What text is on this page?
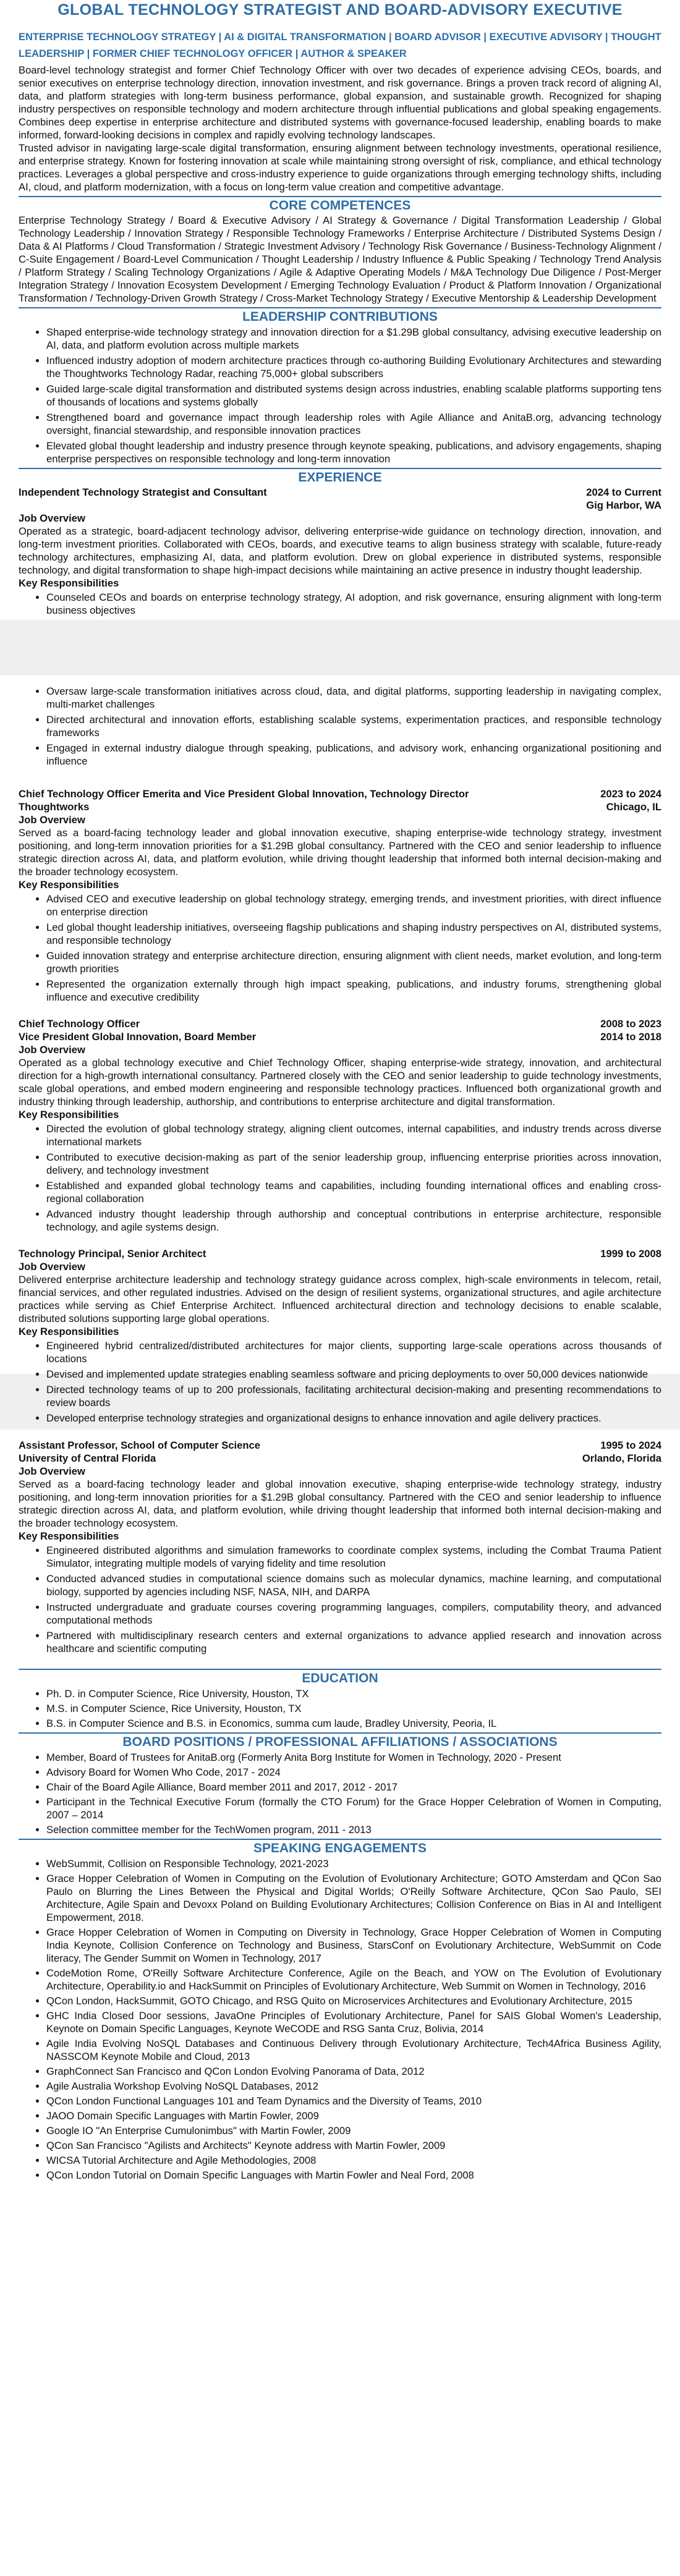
GLOBAL TECHNOLOGY STRATEGIST AND BOARD-ADVISORY EXECUTIVE
ENTERPRISE TECHNOLOGY STRATEGY | AI & DIGITAL TRANSFORMATION | BOARD ADVISOR | EXECUTIVE ADVISORY | THOUGHT LEADERSHIP | FORMER CHIEF TECHNOLOGY OFFICER | AUTHOR & SPEAKER

Board-level technology strategist and former Chief Technology Officer with over two decades of experience advising CEOs, boards, and senior executives on enterprise technology direction, innovation investment, and risk governance. Brings a proven track record of aligning AI, data, and platform strategies with long-term business performance, global expansion, and sustainable growth. Recognized for shaping industry perspectives on responsible technology and modern architecture through influential publications and global speaking engagements. Combines deep expertise in enterprise architecture and distributed systems with governance-focused leadership, enabling boards to make informed, forward-looking decisions in complex and rapidly evolving technology landscapes.

Trusted advisor in navigating large-scale digital transformation, ensuring alignment between technology investments, operational resilience, and enterprise strategy. Known for fostering innovation at scale while maintaining strong oversight of risk, compliance, and ethical technology practices. Leverages a global perspective and cross-industry experience to guide organizations through emerging technology shifts, including AI, cloud, and platform modernization, with a focus on long-term value creation and competitive advantage.

CORE COMPETENCES

Enterprise Technology Strategy / Board & Executive Advisory / AI Strategy & Governance / Digital Transformation Leadership / Global Technology Leadership / Innovation Strategy / Responsible Technology Frameworks / Enterprise Architecture / Distributed Systems Design / Data & AI Platforms / Cloud Transformation / Strategic Investment Advisory / Technology Risk Governance / Business-Technology Alignment / C-Suite Engagement / Board-Level Communication / Thought Leadership / Industry Influence & Public Speaking / Technology Trend Analysis / Platform Strategy / Scaling Technology Organizations / Agile & Adaptive Operating Models / M&A Technology Due Diligence / Post-Merger Integration Strategy / Innovation Ecosystem Development / Emerging Technology Evaluation / Product & Platform Innovation / Organizational Transformation / Technology-Driven Growth Strategy / Cross-Market Technology Strategy / Executive Mentorship & Leadership Development

LEADERSHIP CONTRIBUTIONS
• Shaped enterprise-wide technology strategy and innovation direction for a $1.29B global consultancy, advising executive leadership on AI, data, and platform evolution across multiple markets
• Influenced industry adoption of modern architecture practices through co-authoring Building Evolutionary Architectures and stewarding the Thoughtworks Technology Radar, reaching 75,000+ global subscribers
• Guided large-scale digital transformation and distributed systems design across industries, enabling scalable platforms supporting tens of thousands of locations and systems globally
• Strengthened board and governance impact through leadership roles with Agile Alliance and AnitaB.org, advancing technology oversight, financial stewardship, and responsible innovation practices
• Elevated global thought leadership and industry presence through keynote speaking, publications, and advisory engagements, shaping enterprise perspectives on responsible technology and long-term innovation
EXPERIENCE
Independent Technology Strategist and Consultant	2024 to Current
Gig Harbor, WA
Job Overview

Operated as a strategic, board-adjacent technology advisor, delivering enterprise-wide guidance on technology direction, innovation, and long-term investment priorities. Collaborated with CEOs, boards, and executive teams to align business strategy with scalable, future-ready technology architectures, emphasizing AI, data, and platform evolution. Drew on global experience in distributed systems, responsible technology, and digital transformation to shape high-impact decisions while maintaining an active presence in industry thought leadership.

Key Responsibilities
• Counseled CEOs and boards on enterprise technology strategy, AI adoption, and risk governance, ensuring alignment with long-term business objectives
• Oversaw large-scale transformation initiatives across cloud, data, and digital platforms, supporting leadership in navigating complex, multi-market challenges
• Directed architectural and innovation efforts, establishing scalable systems, experimentation practices, and responsible technology frameworks
• Engaged in external industry dialogue through speaking, publications, and advisory work, enhancing organizational positioning and influence
Chief Technology Officer Emerita and Vice President Global Innovation, Technology Director	2023 to 2024
Thoughtworks	Chicago, IL
Job Overview

Served as a board-facing technology leader and global innovation executive, shaping enterprise-wide technology strategy, investment positioning, and long-term innovation priorities for a $1.29B global consultancy. Partnered with the CEO and senior leadership to influence strategic direction across AI, data, and platform evolution, while driving thought leadership that informed both internal decision-making and the broader technology ecosystem.

Key Responsibilities
• Advised CEO and executive leadership on global technology strategy, emerging trends, and investment priorities, with direct influence on enterprise direction
• Led global thought leadership initiatives, overseeing flagship publications and shaping industry perspectives on AI, distributed systems, and responsible technology
• Guided innovation strategy and enterprise architecture direction, ensuring alignment with client needs, market evolution, and long-term growth priorities
• Represented the organization externally through high impact speaking, publications, and industry forums, strengthening global influence and executive credibility
Chief Technology Officer	2008 to 2023
Vice President Global Innovation, Board Member	2014 to 2018
Job Overview

Operated as a global technology executive and Chief Technology Officer, shaping enterprise-wide strategy, innovation, and architectural direction for a high-growth international consultancy. Partnered closely with the CEO and senior leadership to guide technology investments, scale global operations, and embed modern engineering and responsible technology practices. Influenced both organizational growth and industry thinking through leadership, authorship, and contributions to enterprise architecture and digital transformation.

Key Responsibilities
• Directed the evolution of global technology strategy, aligning client outcomes, internal capabilities, and industry trends across diverse international markets
• Contributed to executive decision-making as part of the senior leadership group, influencing enterprise priorities across innovation, delivery, and technology investment
• Established and expanded global technology teams and capabilities, including founding international offices and enabling cross-regional collaboration
• Advanced industry thought leadership through authorship and conceptual contributions in enterprise architecture, responsible technology, and agile systems design.
Technology Principal, Senior Architect	1999 to 2008
Job Overview

Delivered enterprise architecture leadership and technology strategy guidance across complex, high-scale environments in telecom, retail, financial services, and other regulated industries. Advised on the design of resilient systems, organizational structures, and agile architecture practices while serving as Chief Enterprise Architect. Influenced architectural direction and technology decisions to enable scalable, distributed solutions supporting large global operations.

Key Responsibilities
• Engineered hybrid centralized/distributed architectures for major clients, supporting large-scale operations across thousands of locations
• Devised and implemented update strategies enabling seamless software and pricing deployments to over 50,000 devices nationwide
• Directed technology teams of up to 200 professionals, facilitating architectural decision-making and presenting recommendations to review boards
• Developed enterprise technology strategies and organizational designs to enhance innovation and agile delivery practices.
Assistant Professor, School of Computer Science	1995 to 2024
University of Central Florida	Orlando, Florida
Job Overview

Served as a board-facing technology leader and global innovation executive, shaping enterprise-wide technology strategy, industry positioning, and long-term innovation priorities for a $1.29B global consultancy. Partnered with the CEO and senior leadership to influence strategic direction across AI, data, and platform evolution, while driving thought leadership that informed both internal decision-making and the broader technology ecosystem.

Key Responsibilities
• Engineered distributed algorithms and simulation frameworks to coordinate complex systems, including the Combat Trauma Patient Simulator, integrating multiple models of varying fidelity and time resolution
• Conducted advanced studies in computational science domains such as molecular dynamics, machine learning, and computational biology, supported by agencies including NSF, NASA, NIH, and DARPA
• Instructed undergraduate and graduate courses covering programming languages, compilers, computability theory, and advanced computational methods
• Partnered with multidisciplinary research centers and external organizations to advance applied research and innovation across healthcare and scientific computing
EDUCATION
• Ph. D. in Computer Science, Rice University, Houston, TX
• M.S. in Computer Science, Rice University, Houston, TX
• B.S. in Computer Science and B.S. in Economics, summa cum laude, Bradley University, Peoria, IL
BOARD POSITIONS / PROFESSIONAL AFFILIATIONS / ASSOCIATIONS
• Member, Board of Trustees for AnitaB.org (Formerly Anita Borg Institute for Women in Technology, 2020 - Present
• Advisory Board for Women Who Code, 2017 - 2024
• Chair of the Board Agile Alliance, Board member 2011 and 2017, 2012 - 2017
• Participant in the Technical Executive Forum (formally the CTO Forum) for the Grace Hopper Celebration of Women in Computing, 2007 – 2014
• Selection committee member for the TechWomen program, 2011 - 2013
SPEAKING ENGAGEMENTS
• WebSummit, Collision on Responsible Technology, 2021-2023
• Grace Hopper Celebration of Women in Computing on the Evolution of Evolutionary Architecture; GOTO Amsterdam and QCon Sao Paulo on Blurring the Lines Between the Physical and Digital Worlds; O'Reilly Software Architecture, QCon Sao Paulo, SEI Architecture, Agile Spain and Devoxx Poland on Building Evolutionary Architectures; Collision Conference on Bias in AI and Intelligent Empowerment, 2018.
• Grace Hopper Celebration of Women in Computing on Diversity in Technology, Grace Hopper Celebration of Women in Computing India Keynote, Collision Conference on Technology and Business, StarsConf on Evolutionary Architecture, WebSummit on Code literacy, The Gender Summit on Women in Technology, 2017
• CodeMotion Rome, O'Reilly Software Architecture Conference, Agile on the Beach, and YOW on The Evolution of Evolutionary Architecture, Operability.io and HackSummit on Principles of Evolutionary Architecture, Web Summit on Women in Technology, 2016
• QCon London, HackSummit, GOTO Chicago, and RSG Quito on Microservices Architectures and Evolutionary Architecture, 2015
• GHC India Closed Door sessions, JavaOne Principles of Evolutionary Architecture, Panel for SAIS Global Women's Leadership, Keynote on Domain Specific Languages, Keynote WeCODE and RSG Santa Cruz, Bolivia, 2014
• Agile India Evolving NoSQL Databases and Continuous Delivery through Evolutionary Architecture, Tech4Africa Business Agility, NASSCOM Keynote Mobile and Cloud, 2013
• GraphConnect San Francisco and QCon London Evolving Panorama of Data, 2012
• Agile Australia Workshop Evolving NoSQL Databases, 2012
• QCon London Functional Languages 101 and Team Dynamics and the Diversity of Teams, 2010
• JAOO Domain Specific Languages with Martin Fowler, 2009
• Google IO "An Enterprise Cumulonimbus" with Martin Fowler, 2009
• QCon San Francisco "Agilists and Architects" Keynote address with Martin Fowler, 2009
• WICSA Tutorial Architecture and Agile Methodologies, 2008
• QCon London Tutorial on Domain Specific Languages with Martin Fowler and Neal Ford, 2008
